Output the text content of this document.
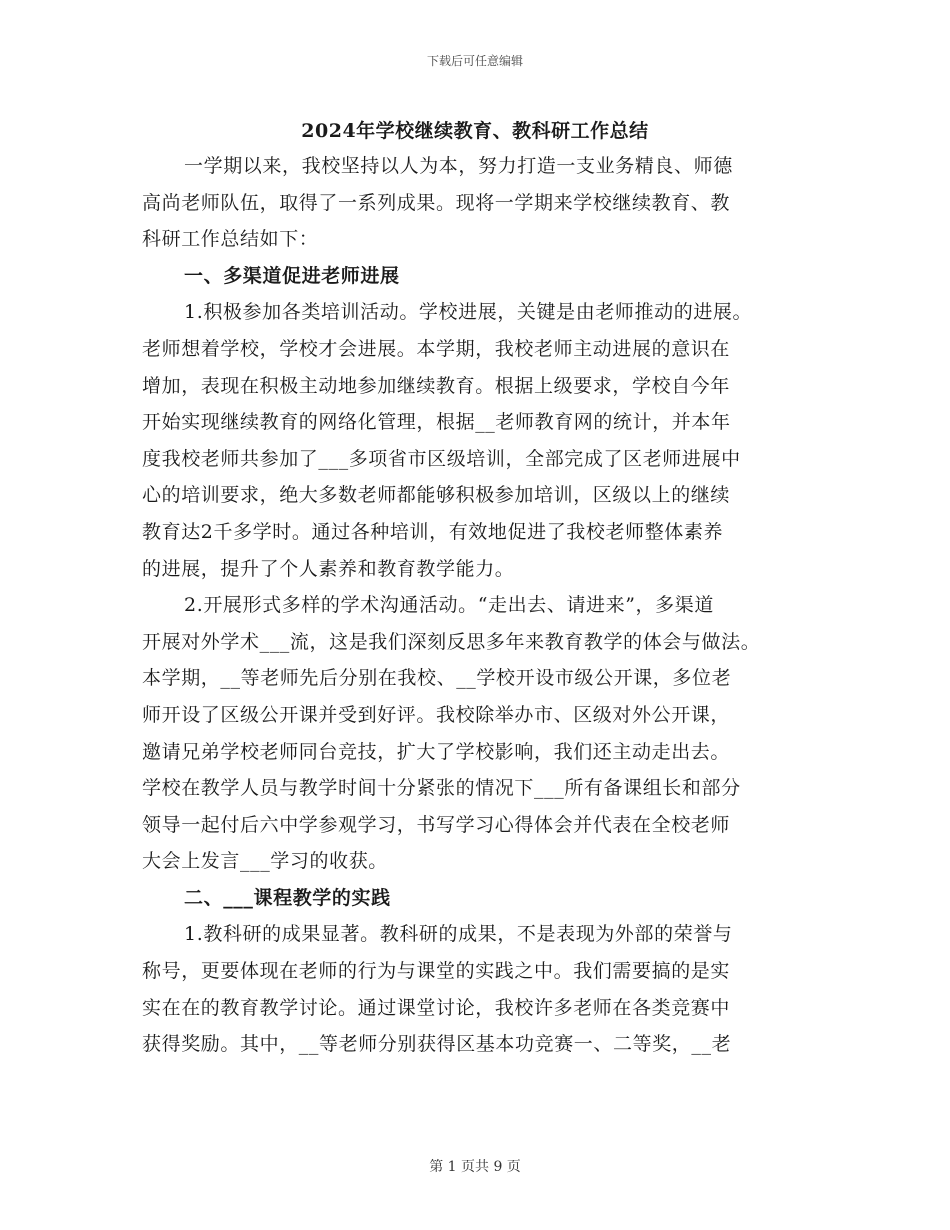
下载后可任意编辑
2024年学校继续教育、教科研工作总结
一学期以来，我校坚持以人为本，努力打造一支业务精良、师德
高尚老师队伍，取得了一系列成果。现将一学期来学校继续教育、教
科研工作总结如下：
一、多渠道促进老师进展
1.积极参加各类培训活动。学校进展，关键是由老师推动的进展。
老师想着学校，学校才会进展。本学期，我校老师主动进展的意识在
增加，表现在积极主动地参加继续教育。根据上级要求，学校自今年
开始实现继续教育的网络化管理，根据__老师教育网的统计，并本年
度我校老师共参加了___多项省市区级培训，全部完成了区老师进展中
心的培训要求，绝大多数老师都能够积极参加培训，区级以上的继续
教育达2千多学时。通过各种培训，有效地促进了我校老师整体素养
的进展，提升了个人素养和教育教学能力。
2.开展形式多样的学术沟通活动。“走出去、请进来”，多渠道
开展对外学术___流，这是我们深刻反思多年来教育教学的体会与做法。
本学期，__等老师先后分别在我校、__学校开设市级公开课，多位老
师开设了区级公开课并受到好评。我校除举办市、区级对外公开课，
邀请兄弟学校老师同台竞技，扩大了学校影响，我们还主动走出去。
学校在教学人员与教学时间十分紧张的情况下___所有备课组长和部分
领导一起付后六中学参观学习，书写学习心得体会并代表在全校老师
大会上发言___学习的收获。
二、___课程教学的实践
1.教科研的成果显著。教科研的成果，不是表现为外部的荣誉与
称号，更要体现在老师的行为与课堂的实践之中。我们需要搞的是实
实在在的教育教学讨论。通过课堂讨论，我校许多老师在各类竞赛中
获得奖励。其中，__等老师分别获得区基本功竞赛一、二等奖，__老
第 1 页共 9 页
